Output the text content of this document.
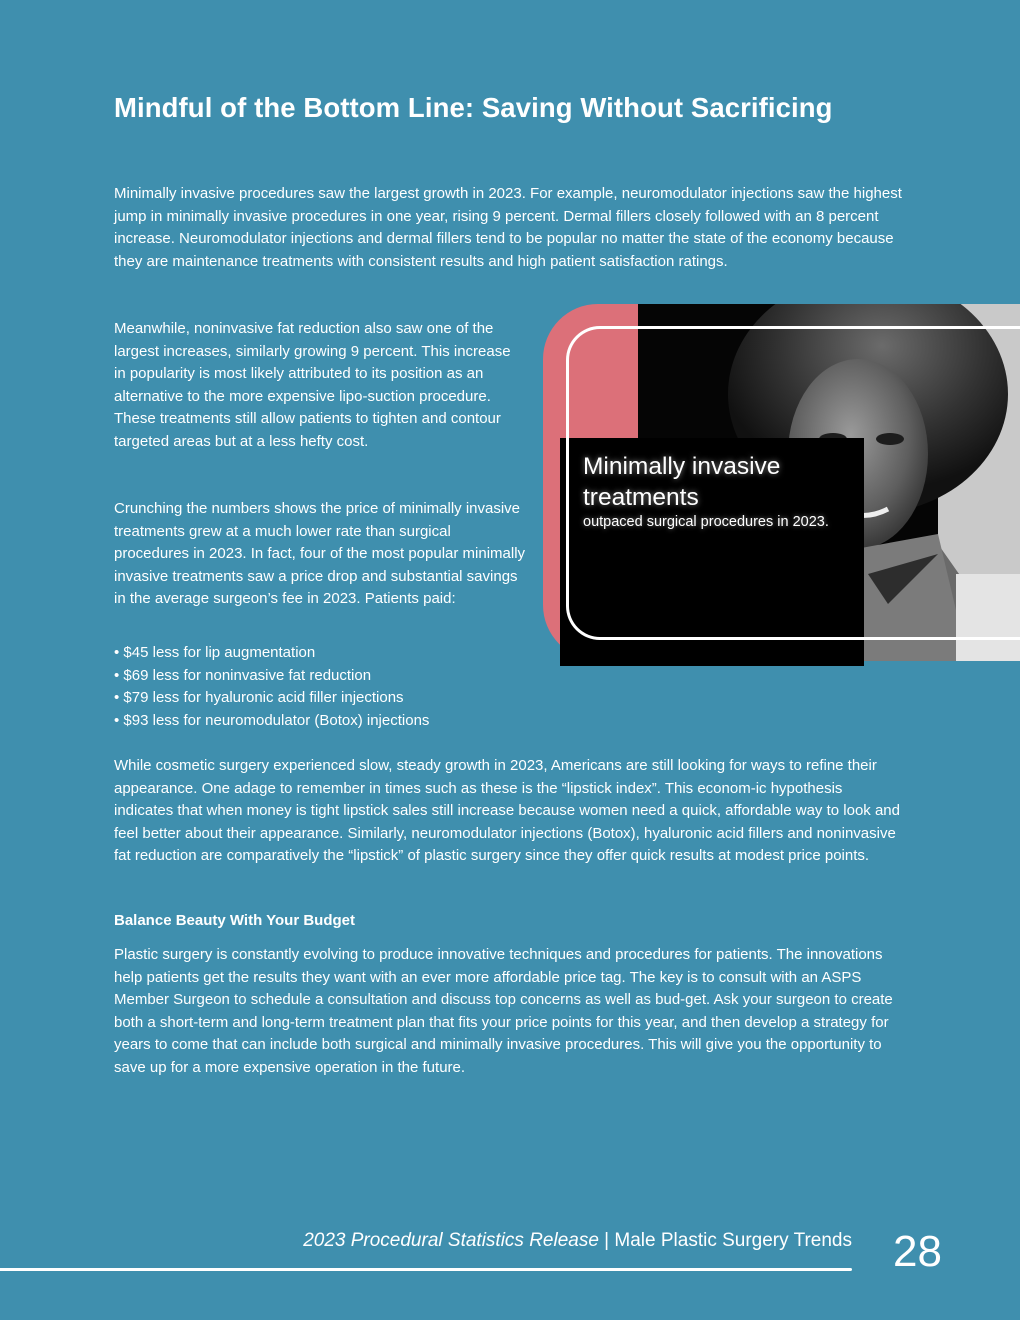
Mindful of the Bottom Line: Saving Without Sacrificing

Minimally invasive procedures saw the largest growth in 2023. For example, neuromodulator injections saw the highest jump in minimally invasive procedures in one year, rising 9 percent. Dermal fillers closely followed with an 8 percent increase. Neuromodulator injections and dermal fillers tend to be popular no matter the state of the economy because they are maintenance treatments with consistent results and high patient satisfaction ratings.

Meanwhile, noninvasive fat reduction also saw one of the largest increases, similarly growing 9 percent. This increase in popularity is most likely attributed to its position as an alternative to the more expensive lipo-suction procedure. These treatments still allow patients to tighten and contour targeted areas but at a less hefty cost.

Crunching the numbers shows the price of minimally invasive treatments grew at a much lower rate than surgical procedures in 2023. In fact, four of the most popular minimally invasive treatments saw a price drop and substantial savings in the average surgeon’s fee in 2023. Patients paid:

• $45 less for lip augmentation
• $69 less for noninvasive fat reduction
• $79 less for hyaluronic acid filler injections
• $93 less for neuromodulator (Botox) injections

While cosmetic surgery experienced slow, steady growth in 2023, Americans are still looking for ways to refine their appearance. One adage to remember in times such as these is the “lipstick index”. This econom-ic hypothesis indicates that when money is tight lipstick sales still increase because women need a quick, affordable way to look and feel better about their appearance. Similarly, neuromodulator injections (Botox), hyaluronic acid fillers and noninvasive fat reduction are comparatively the “lipstick” of plastic surgery since they offer quick results at modest price points.

Balance Beauty With Your Budget

Plastic surgery is constantly evolving to produce innovative techniques and procedures for patients. The innovations help patients get the results they want with an ever more affordable price tag. The key is to consult with an ASPS Member Surgeon to schedule a consultation and discuss top concerns as well as bud-get. Ask your surgeon to create both a short-term and long-term treatment plan that fits your price points for this year, and then develop a strategy for years to come that can include both surgical and minimally invasive procedures. This will give you the opportunity to save up for a more expensive operation in the future.

Minimally invasive treatments

outpaced surgical procedures in 2023.

2023 Procedural Statistics Release | Male Plastic Surgery Trends 28
